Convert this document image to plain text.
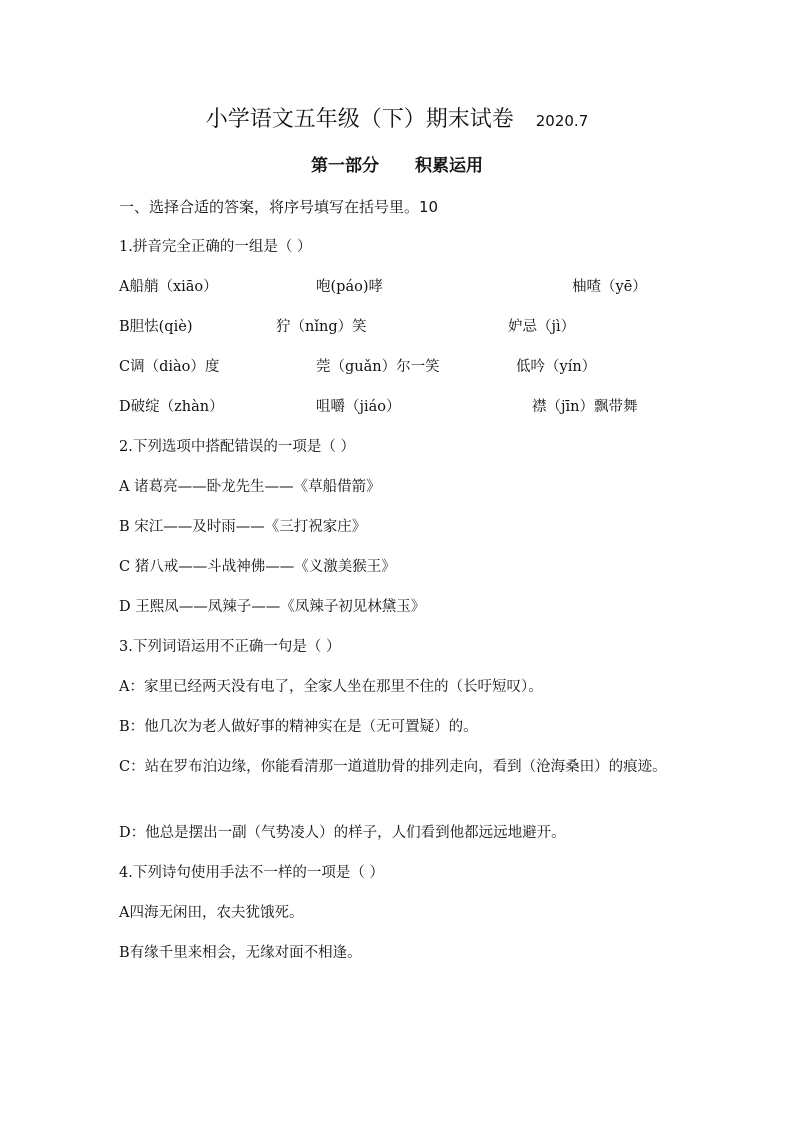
小学语文五年级（下）期末试卷 2020.7
第一部分 积累运用
一、选择合适的答案，将序号填写在括号里。10
1.拼音完全正确的一组是（ ）
A船艄（xiāo）	咆(páo)哮	柚喳（yē）
B胆怯(qiè)	狞（nǐng）笑	妒忌（jì）
C调（diào）度	莞（guǎn）尔一笑	低吟（yín）
D破绽（zhàn）	咀嚼（jiáo）	襟（jīn）飘带舞
2.下列选项中搭配错误的一项是（ ）
A 诸葛亮——卧龙先生——《草船借箭》
B 宋江——及时雨——《三打祝家庄》
C 猪八戒——斗战神佛——《义激美猴王》
D 王熙凤——凤辣子——《凤辣子初见林黛玉》
3.下列词语运用不正确一句是（ ）
A：家里已经两天没有电了，全家人坐在那里不住的（长吁短叹）。
B：他几次为老人做好事的精神实在是（无可置疑）的。
C：站在罗布泊边缘，你能看清那一道道肋骨的排列走向，看到（沧海桑田）的痕迹。
D：他总是摆出一副（气势凌人）的样子，人们看到他都远远地避开。
4.下列诗句使用手法不一样的一项是（ ）
A四海无闲田，农夫犹饿死。
B有缘千里来相会，无缘对面不相逢。
